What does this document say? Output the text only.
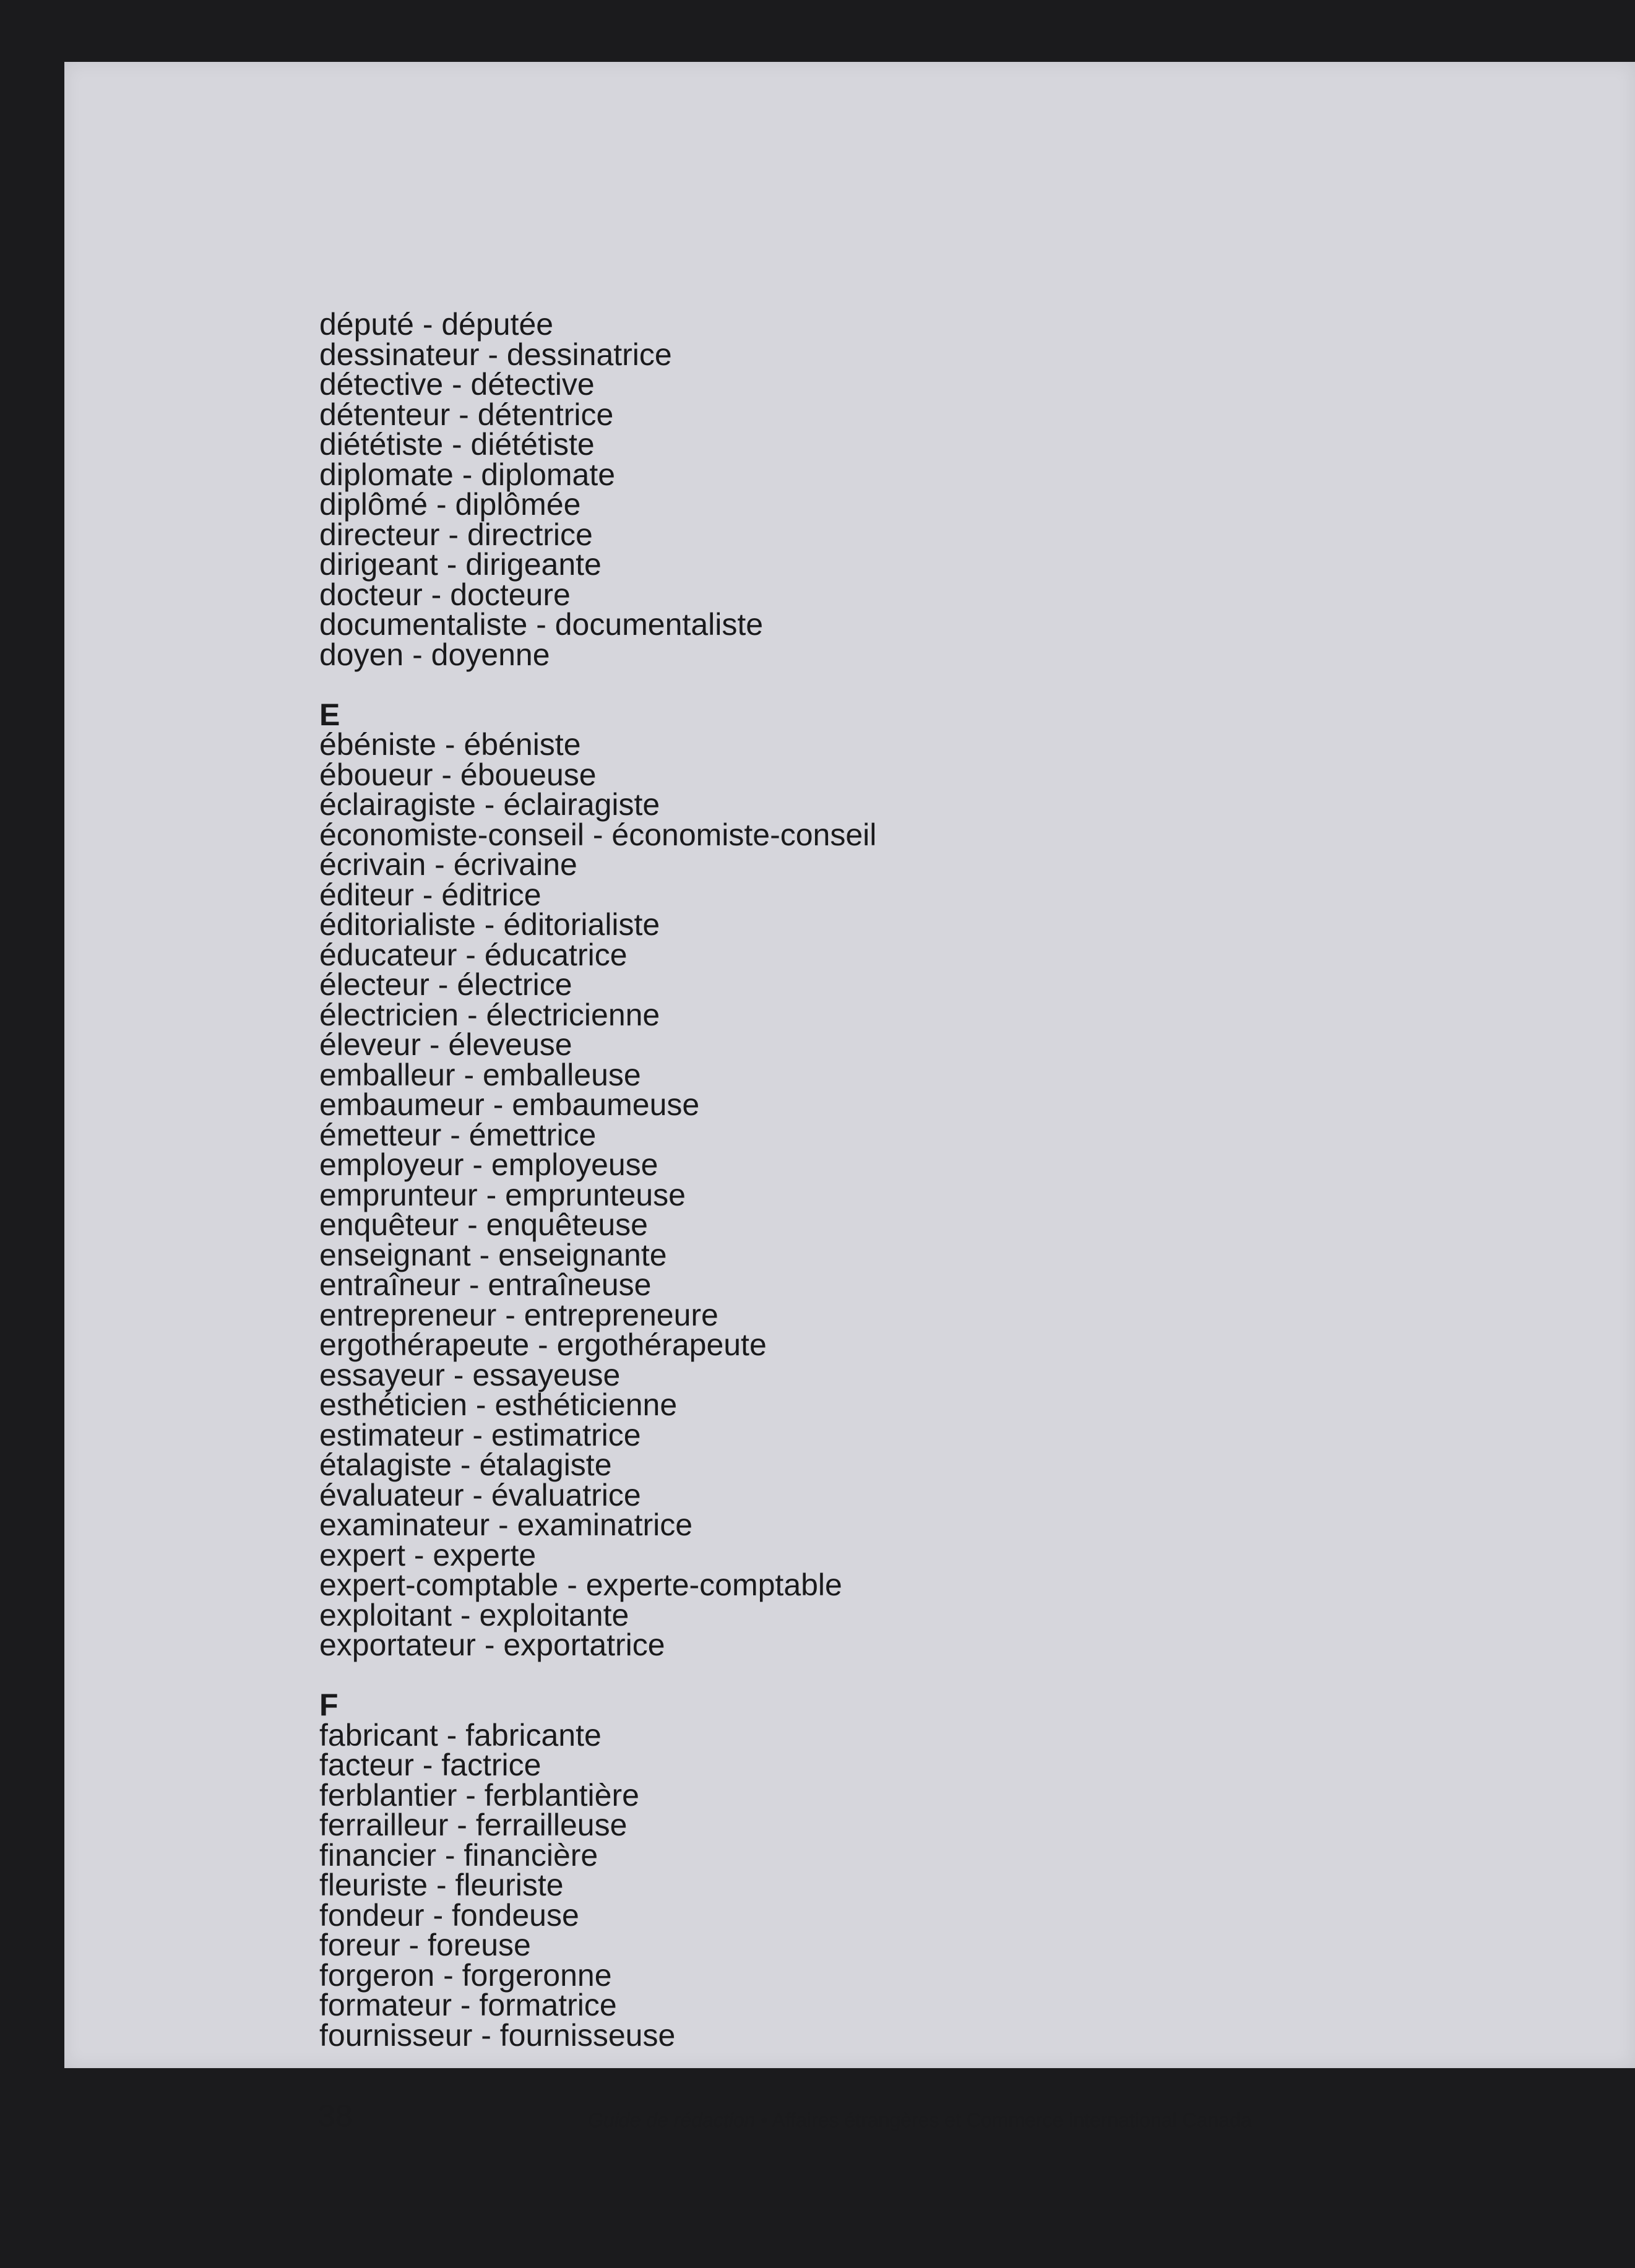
député - députée
dessinateur - dessinatrice
détective - détective
détenteur - détentrice
diététiste - diététiste
diplomate - diplomate
diplômé - diplômée
directeur - directrice
dirigeant - dirigeante
docteur - docteure
documentaliste - documentaliste
doyen - doyenne
E
ébéniste - ébéniste
éboueur - éboueuse
éclairagiste - éclairagiste
économiste-conseil - économiste-conseil
écrivain - écrivaine
éditeur - éditrice
éditorialiste - éditorialiste
éducateur - éducatrice
électeur - électrice
électricien - électricienne
éleveur - éleveuse
emballeur - emballeuse
embaumeur - embaumeuse
émetteur - émettrice
employeur - employeuse
emprunteur - emprunteuse
enquêteur - enquêteuse
enseignant - enseignante
entraîneur - entraîneuse
entrepreneur - entrepreneure
ergothérapeute - ergothérapeute
essayeur - essayeuse
esthéticien - esthéticienne
estimateur - estimatrice
étalagiste - étalagiste
évaluateur - évaluatrice
examinateur - examinatrice
expert - experte
expert-comptable - experte-comptable
exploitant - exploitante
exportateur - exportatrice
F
fabricant - fabricante
facteur - factrice
ferblantier - ferblantière
ferrailleur - ferrailleuse
financier - financière
fleuriste - fleuriste
fondeur - fondeuse
foreur - foreuse
forgeron - forgeronne
formateur - formatrice
fournisseur - fournisseuse
38	Guide de rédaction • Affaires étrangères et Commerce international Canada
